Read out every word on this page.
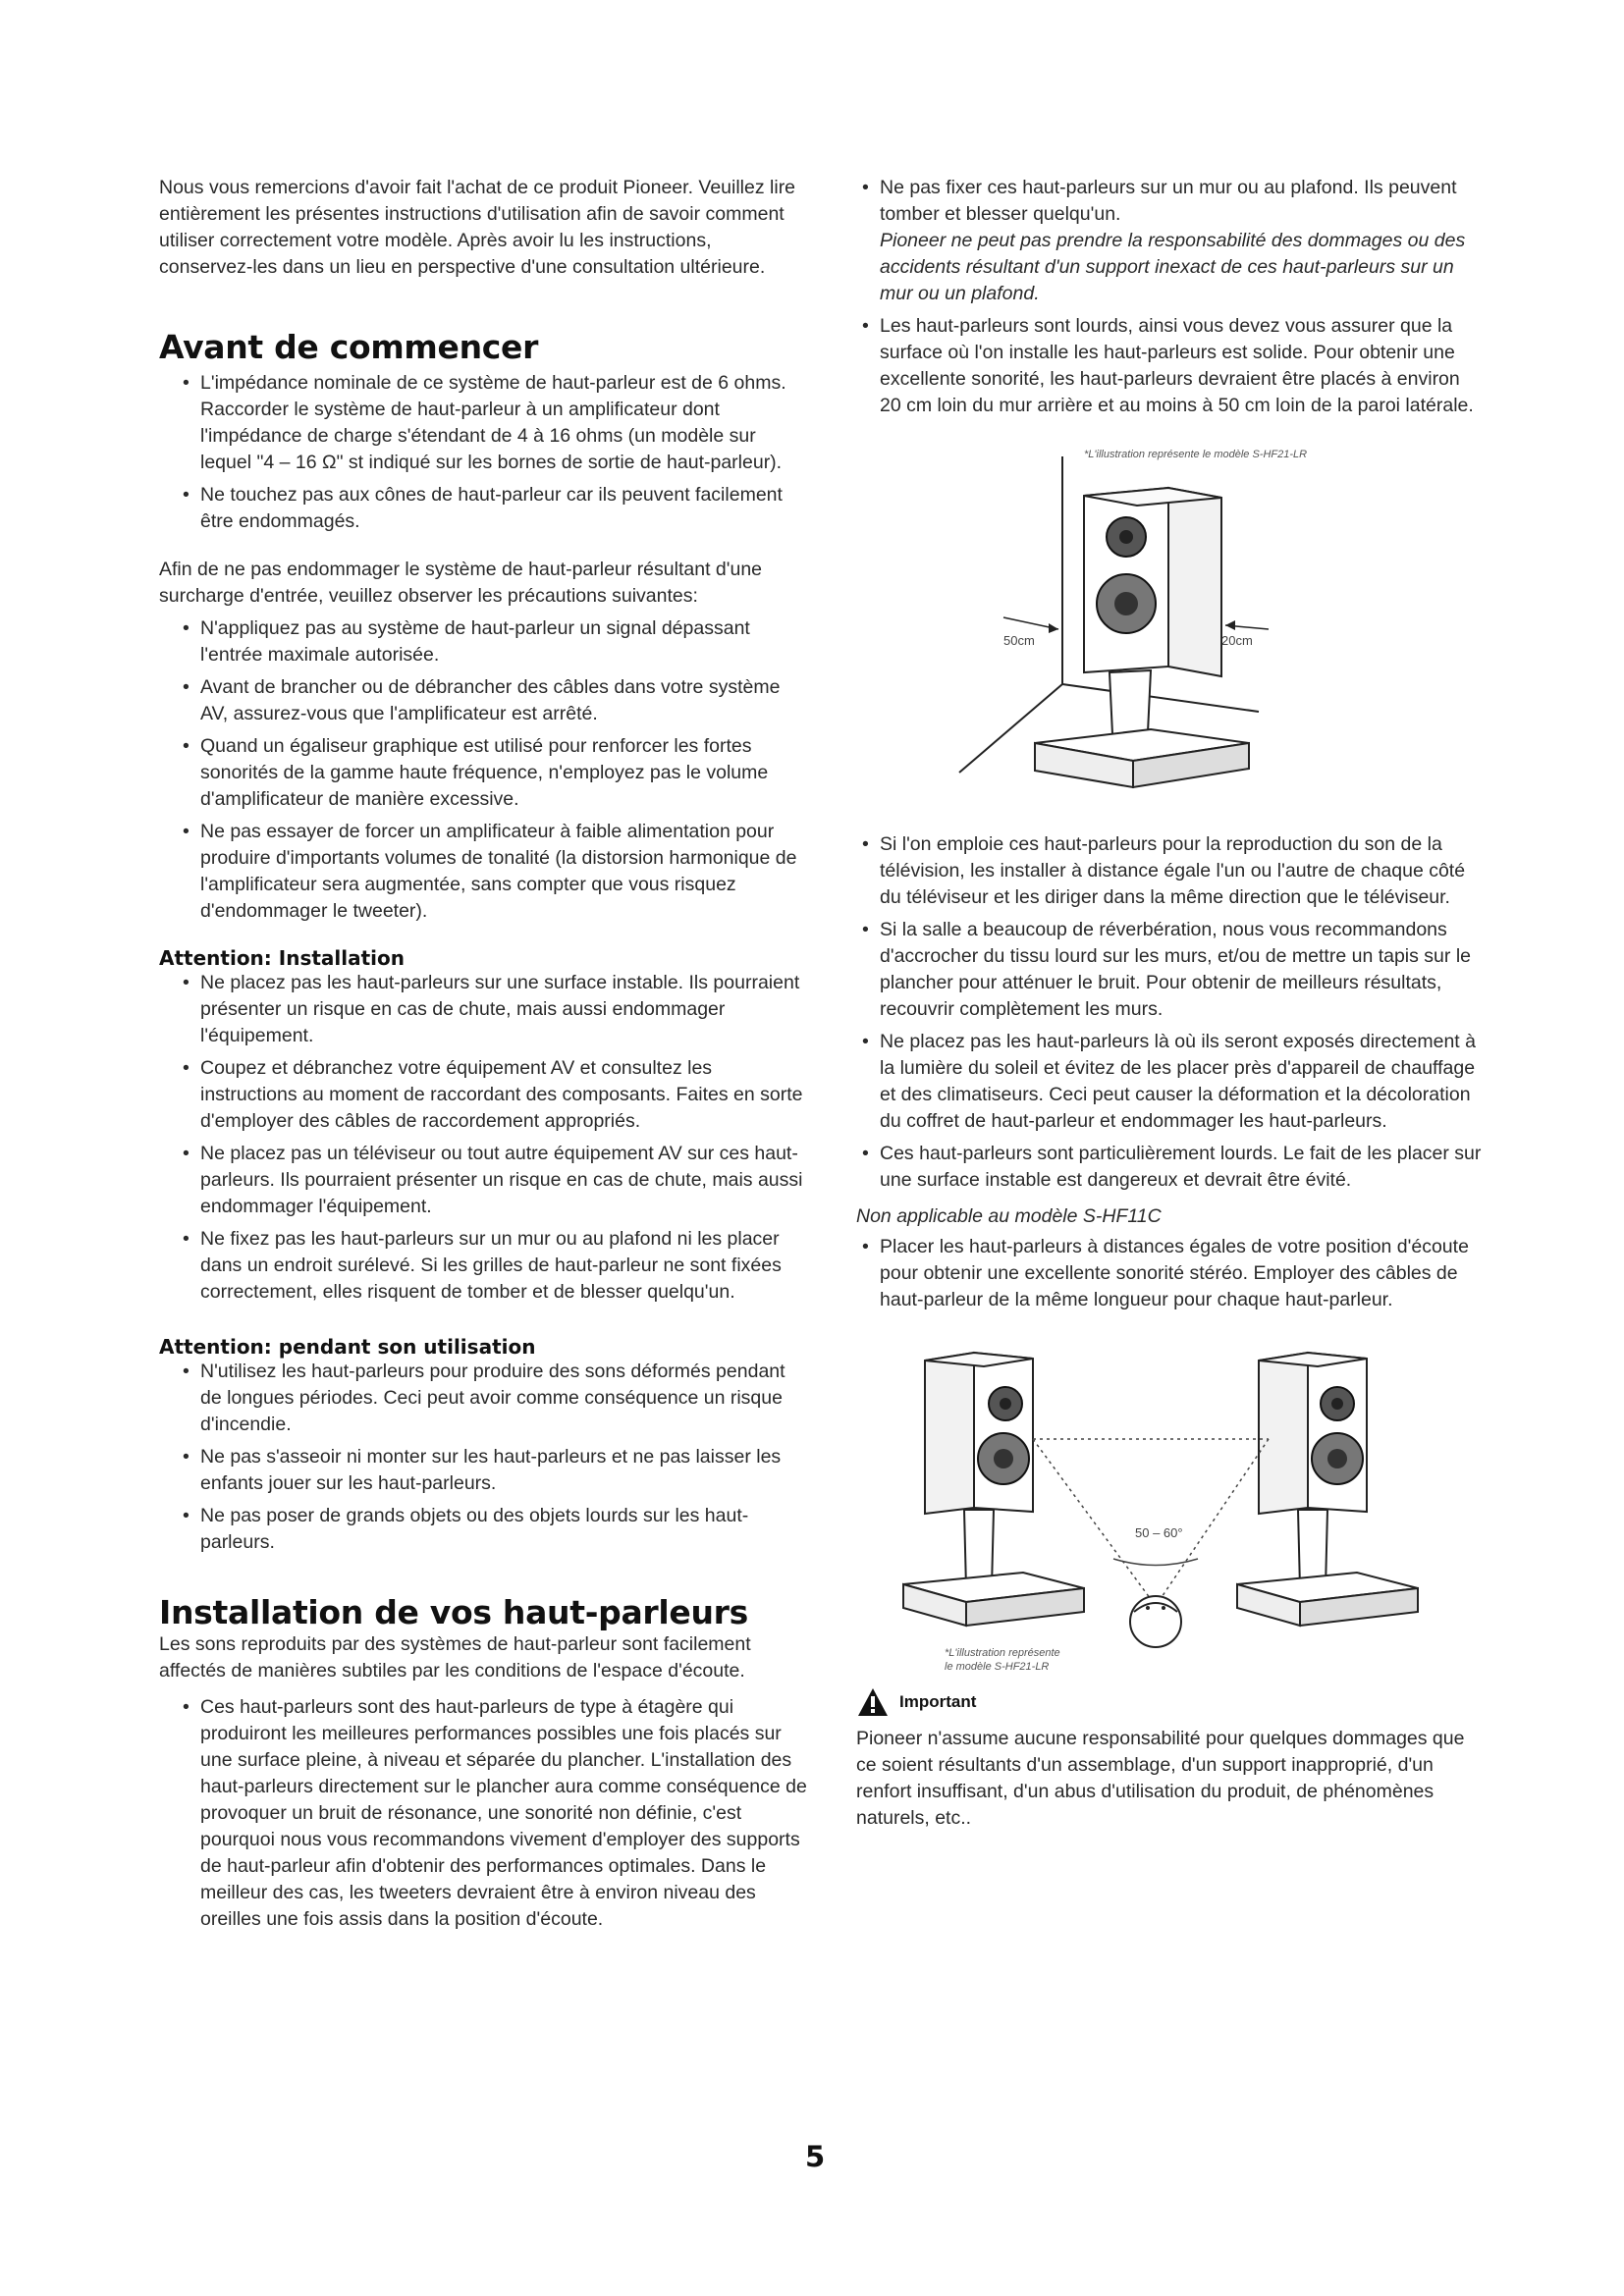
Nous vous remercions d'avoir fait l'achat de ce produit Pioneer. Veuillez lire entièrement les présentes instructions d'utilisation afin de savoir comment utiliser correctement votre modèle. Après avoir lu les instructions, conservez-les dans un lieu en perspective d'une consultation ultérieure.

Avant de commencer
• L'impédance nominale de ce système de haut-parleur est de 6 ohms. Raccorder le système de haut-parleur à un amplificateur dont l'impédance de charge s'étendant de 4 à 16 ohms (un modèle sur lequel "4 – 16 Ω" st indiqué sur les bornes de sortie de haut-parleur).
• Ne touchez pas aux cônes de haut-parleur car ils peuvent facilement être endommagés.

Afin de ne pas endommager le système de haut-parleur résultant d'une surcharge d'entrée, veuillez observer les précautions suivantes:

• N'appliquez pas au système de haut-parleur un signal dépassant l'entrée maximale autorisée.
• Avant de brancher ou de débrancher des câbles dans votre système AV, assurez-vous que l'amplificateur est arrêté.
• Quand un égaliseur graphique est utilisé pour renforcer les fortes sonorités de la gamme haute fréquence, n'employez pas le volume d'amplificateur de manière excessive.
• Ne pas essayer de forcer un amplificateur à faible alimentation pour produire d'importants volumes de tonalité (la distorsion harmonique de l'amplificateur sera augmentée, sans compter que vous risquez d'endommager le tweeter).
Attention: Installation
• Ne placez pas les haut-parleurs sur une surface instable. Ils pourraient présenter un risque en cas de chute, mais aussi endommager l'équipement.
• Coupez et débranchez votre équipement AV et consultez les instructions au moment de raccordant des composants. Faites en sorte d'employer des câbles de raccordement appropriés.
• Ne placez pas un téléviseur ou tout autre équipement AV sur ces haut-parleurs. Ils pourraient présenter un risque en cas de chute, mais aussi endommager l'équipement.
• Ne fixez pas les haut-parleurs sur un mur ou au plafond ni les placer dans un endroit surélevé. Si les grilles de haut-parleur ne sont fixées correctement, elles risquent de tomber et de blesser quelqu'un.
Attention: pendant son utilisation
• N'utilisez les haut-parleurs pour produire des sons déformés pendant de longues périodes. Ceci peut avoir comme conséquence un risque d'incendie.
• Ne pas s'asseoir ni monter sur les haut-parleurs et ne pas laisser les enfants jouer sur les haut-parleurs.
• Ne pas poser de grands objets ou des objets lourds sur les haut-parleurs.
Installation de vos haut-parleurs

Les sons reproduits par des systèmes de haut-parleur sont facilement affectés de manières subtiles par les conditions de l'espace d'écoute.

• Ces haut-parleurs sont des haut-parleurs de type à étagère qui produiront les meilleures performances possibles une fois placés sur une surface pleine, à niveau et séparée du plancher. L'installation des haut-parleurs directement sur le plancher aura comme conséquence de provoquer un bruit de résonance, une sonorité non définie, c'est pourquoi nous vous recommandons vivement d'employer des supports de haut-parleur afin d'obtenir des performances optimales. Dans le meilleur des cas, les tweeters devraient être à environ niveau des oreilles une fois assis dans la position d'écoute.
• Ne pas fixer ces haut-parleurs sur un mur ou au plafond. Ils peuvent tomber et blesser quelqu'un.
Pioneer ne peut pas prendre la responsabilité des dommages ou des accidents résultant d'un support inexact de ces haut-parleurs sur un mur ou un plafond.
• Les haut-parleurs sont lourds, ainsi vous devez vous assurer que la surface où l'on installe les haut-parleurs est solide. Pour obtenir une excellente sonorité, les haut-parleurs devraient être placés à environ 20 cm loin du mur arrière et au moins à 50 cm loin de la paroi latérale.
50cm	20cm
*L'illustration représente le modèle S-HF21-LR
• Si l'on emploie ces haut-parleurs pour la reproduction du son de la télévision, les installer à distance égale l'un ou l'autre de chaque côté du téléviseur et les diriger dans la même direction que le téléviseur.
• Si la salle a beaucoup de réverbération, nous vous recommandons d'accrocher du tissu lourd sur les murs, et/ou de mettre un tapis sur le plancher pour atténuer le bruit. Pour obtenir de meilleurs résultats, recouvrir complètement les murs.
• Ne placez pas les haut-parleurs là où ils seront exposés directement à la lumière du soleil et évitez de les placer près d'appareil de chauffage et des climatiseurs. Ceci peut causer la déformation et la décoloration du coffret de haut-parleur et endommager les haut-parleurs.
• Ces haut-parleurs sont particulièrement lourds. Le fait de les placer sur une surface instable est dangereux et devrait être évité.

Non applicable au modèle S-HF11C

• Placer les haut-parleurs à distances égales de votre position d'écoute pour obtenir une excellente sonorité stéréo. Employer des câbles de haut-parleur de la même longueur pour chaque haut-parleur.
50 – 60°
*L'illustration représente
le modèle S-HF21-LR
Important

Pioneer n'assume aucune responsabilité pour quelques dommages que ce soient résultants d'un assemblage, d'un support inapproprié, d'un renfort insuffisant, d'un abus d'utilisation du produit, de phénomènes naturels, etc..

5
